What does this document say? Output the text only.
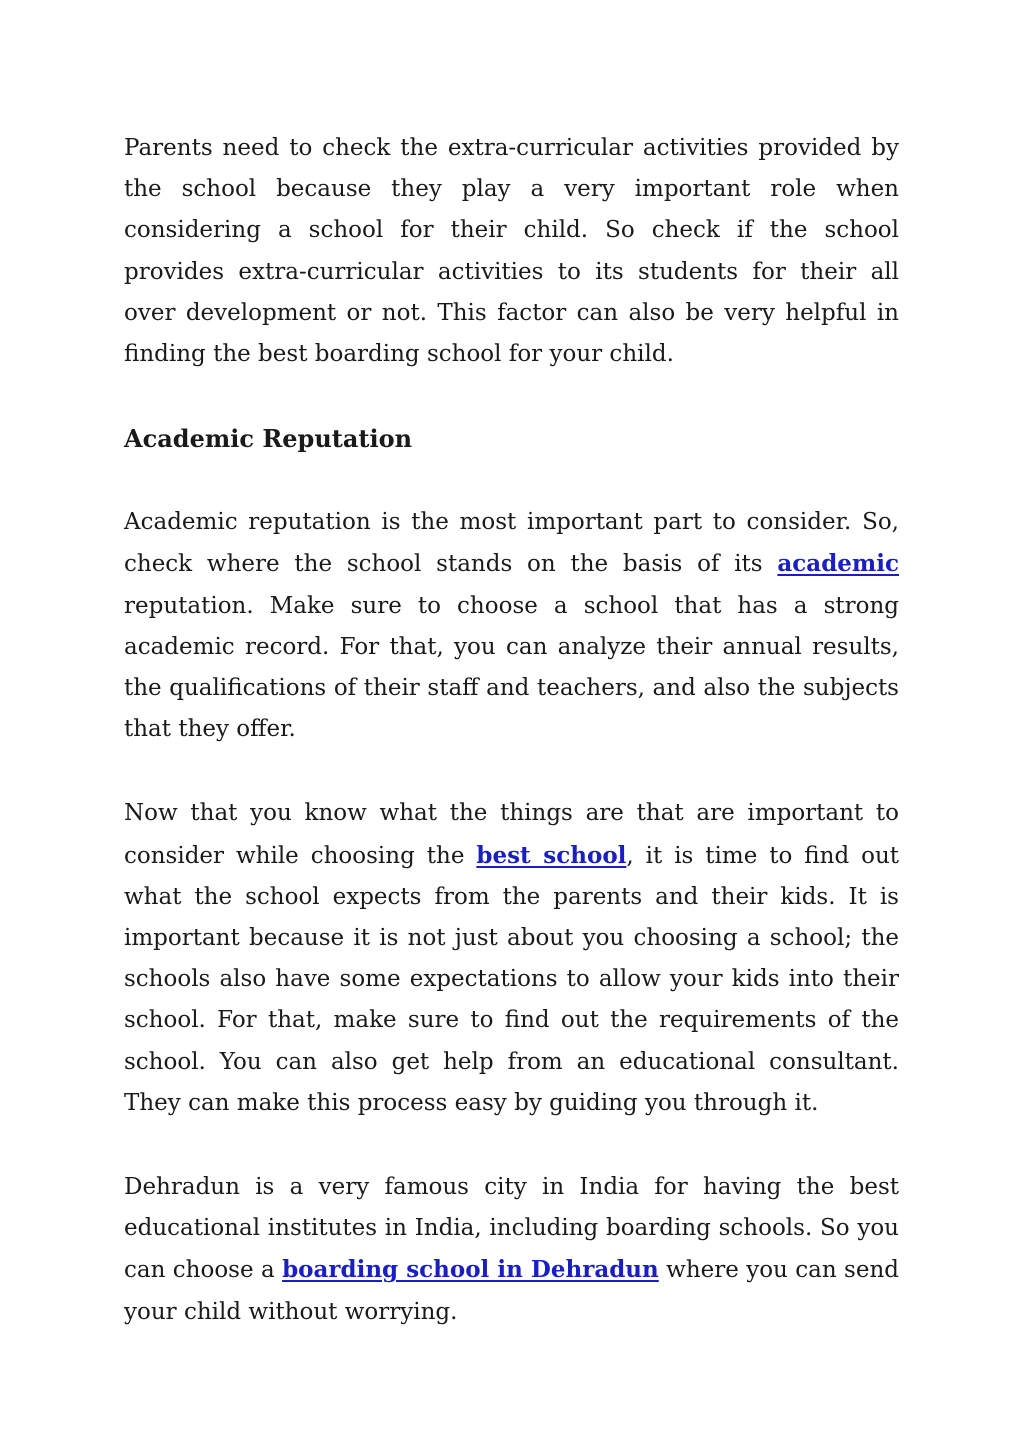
Parents need to check the extra-curricular activities provided by the school because they play a very important role when considering a school for their child. So check if the school provides extra-curricular activities to its students for their all over development or not. This factor can also be very helpful in finding the best boarding school for your child.

Academic Reputation

Academic reputation is the most important part to consider. So, check where the school stands on the basis of its academic reputation. Make sure to choose a school that has a strong academic record. For that, you can analyze their annual results, the qualifications of their staff and teachers, and also the subjects that they offer.

Now that you know what the things are that are important to consider while choosing the best school, it is time to find out what the school expects from the parents and their kids. It is important because it is not just about you choosing a school; the schools also have some expectations to allow your kids into their school. For that, make sure to find out the requirements of the school. You can also get help from an educational consultant. They can make this process easy by guiding you through it.

Dehradun is a very famous city in India for having the best educational institutes in India, including boarding schools. So you can choose a boarding school in Dehradun where you can send your child without worrying.
